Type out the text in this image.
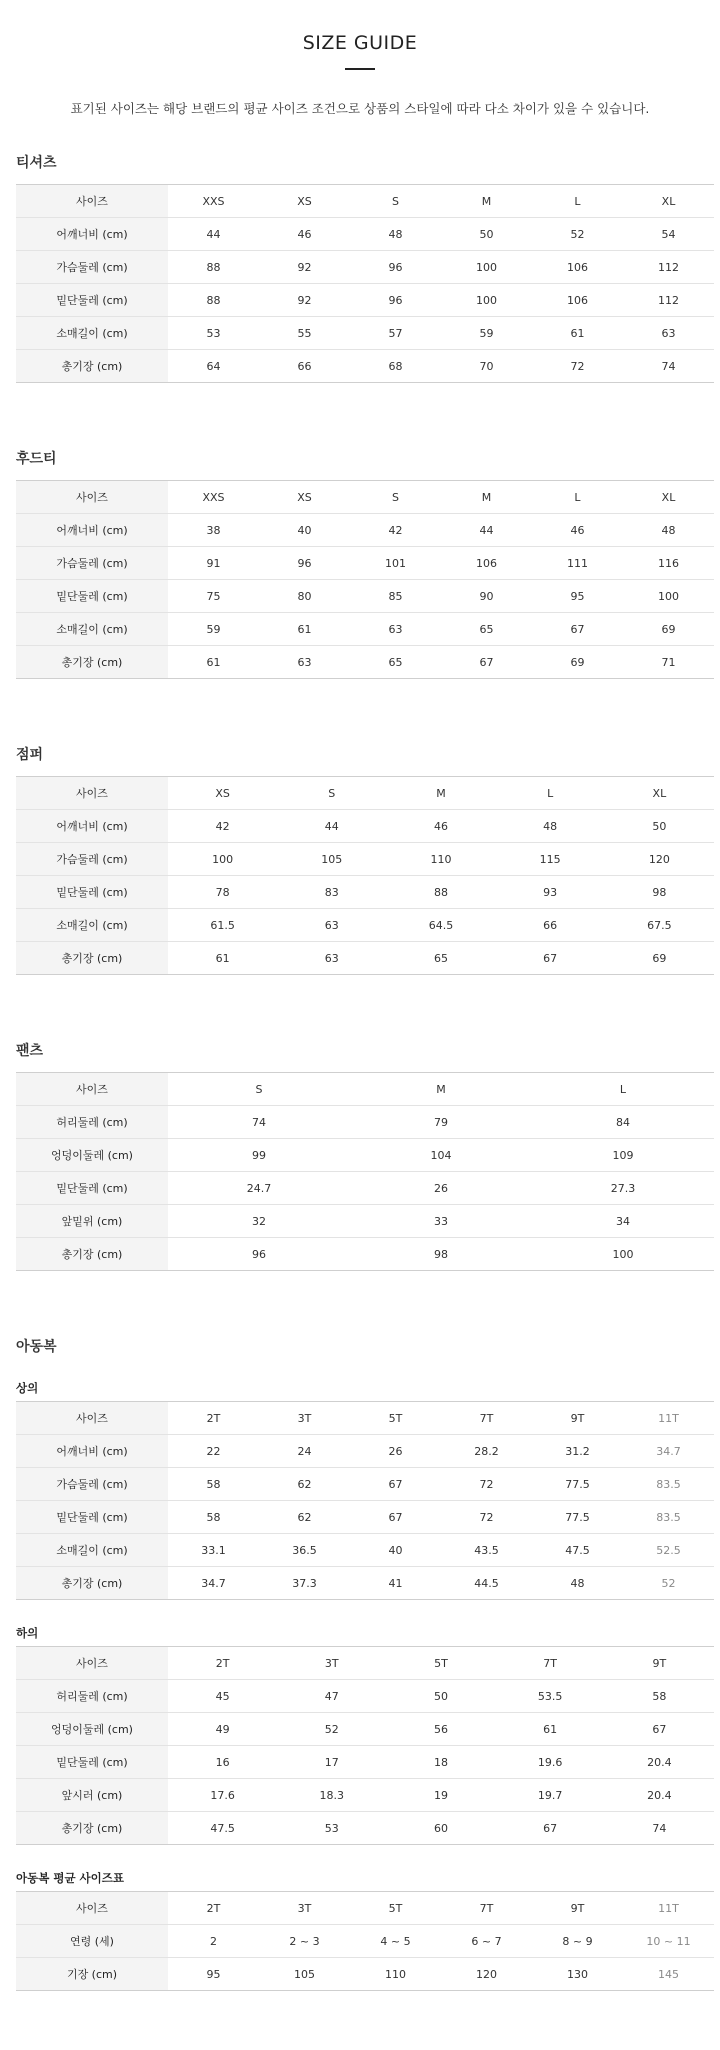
SIZE GUIDE

표기된 사이즈는 해당 브랜드의 평균 사이즈 조건으로 상품의 스타일에 따라 다소 차이가 있을 수 있습니다.

티셔츠
사이즈	XXS	XS	S	M	L	XL
어깨너비 (cm)	44	46	48	50	52	54
가슴둘레 (cm)	88	92	96	100	106	112
밑단둘레 (cm)	88	92	96	100	106	112
소매길이 (cm)	53	55	57	59	61	63
총기장 (cm)	64	66	68	70	72	74
후드티
사이즈	XXS	XS	S	M	L	XL
어깨너비 (cm)	38	40	42	44	46	48
가슴둘레 (cm)	91	96	101	106	111	116
밑단둘레 (cm)	75	80	85	90	95	100
소매길이 (cm)	59	61	63	65	67	69
총기장 (cm)	61	63	65	67	69	71
점퍼
사이즈	XS	S	M	L	XL
어깨너비 (cm)	42	44	46	48	50
가슴둘레 (cm)	100	105	110	115	120
밑단둘레 (cm)	78	83	88	93	98
소매길이 (cm)	61.5	63	64.5	66	67.5
총기장 (cm)	61	63	65	67	69
팬츠
사이즈	S	M	L
허리둘레 (cm)	74	79	84
엉덩이둘레 (cm)	99	104	109
밑단둘레 (cm)	24.7	26	27.3
앞밑위 (cm)	32	33	34
총기장 (cm)	96	98	100
아동복
상의
사이즈	2T	3T	5T	7T	9T	11T
어깨너비 (cm)	22	24	26	28.2	31.2	34.7
가슴둘레 (cm)	58	62	67	72	77.5	83.5
밑단둘레 (cm)	58	62	67	72	77.5	83.5
소매길이 (cm)	33.1	36.5	40	43.5	47.5	52.5
총기장 (cm)	34.7	37.3	41	44.5	48	52
하의
사이즈	2T	3T	5T	7T	9T
허리둘레 (cm)	45	47	50	53.5	58
엉덩이둘레 (cm)	49	52	56	61	67
밑단둘레 (cm)	16	17	18	19.6	20.4
앞시러 (cm)	17.6	18.3	19	19.7	20.4
총기장 (cm)	47.5	53	60	67	74
아동복 평균 사이즈표
사이즈	2T	3T	5T	7T	9T	11T
연령 (세)	2	2 ~ 3	4 ~ 5	6 ~ 7	8 ~ 9	10 ~ 11
기장 (cm)	95	105	110	120	130	145
